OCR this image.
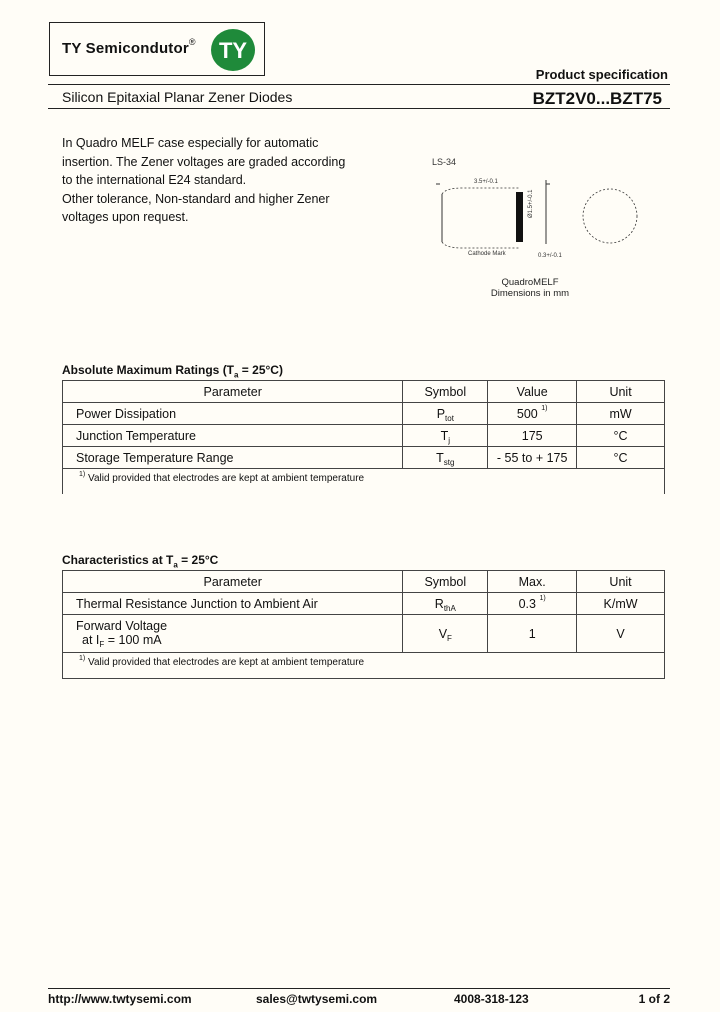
TY Semicondutor® TY
Product specification
Silicon Epitaxial Planar Zener Diodes	BZT2V0...BZT75

In Quadro MELF case especially for automatic

insertion. The Zener voltages are graded according

to the international E24 standard.

Other tolerance, Non-standard and higher Zener

voltages upon request.

LS-34
3.5+/-0.1
Ø1.5+/-0.1
Cathode Mark	0.3+/-0.1
QuadroMELF
Dimensions in mm
Absolute Maximum Ratings $(T_a = 25^\circ C)$
Parameter	Symbol	Value	Unit
Power Dissipation	$P_{tot}$	500 $^{1)}$	mW
Junction Temperature	$T_j$	175	°C
Storage Temperature Range	$T_{stg}$	- 55 to + 175	°C
$^{1)}$ Valid provided that electrodes are kept at ambient temperature			
Characteristics at $T_a = 25^\circ C$
Parameter	Symbol	Max.	Unit
Thermal Resistance Junction to Ambient Air	$R_{thA}$	0.3 $^{1)}$	K/mW

Forward Voltage
at $I_F = 100$ mA	$V_F$	1	V
$^{1)}$ Valid provided that electrodes are kept at ambient temperature			
http://www.twtysemi.com	sales@twtysemi.com	4008-318-123	1 of 2
